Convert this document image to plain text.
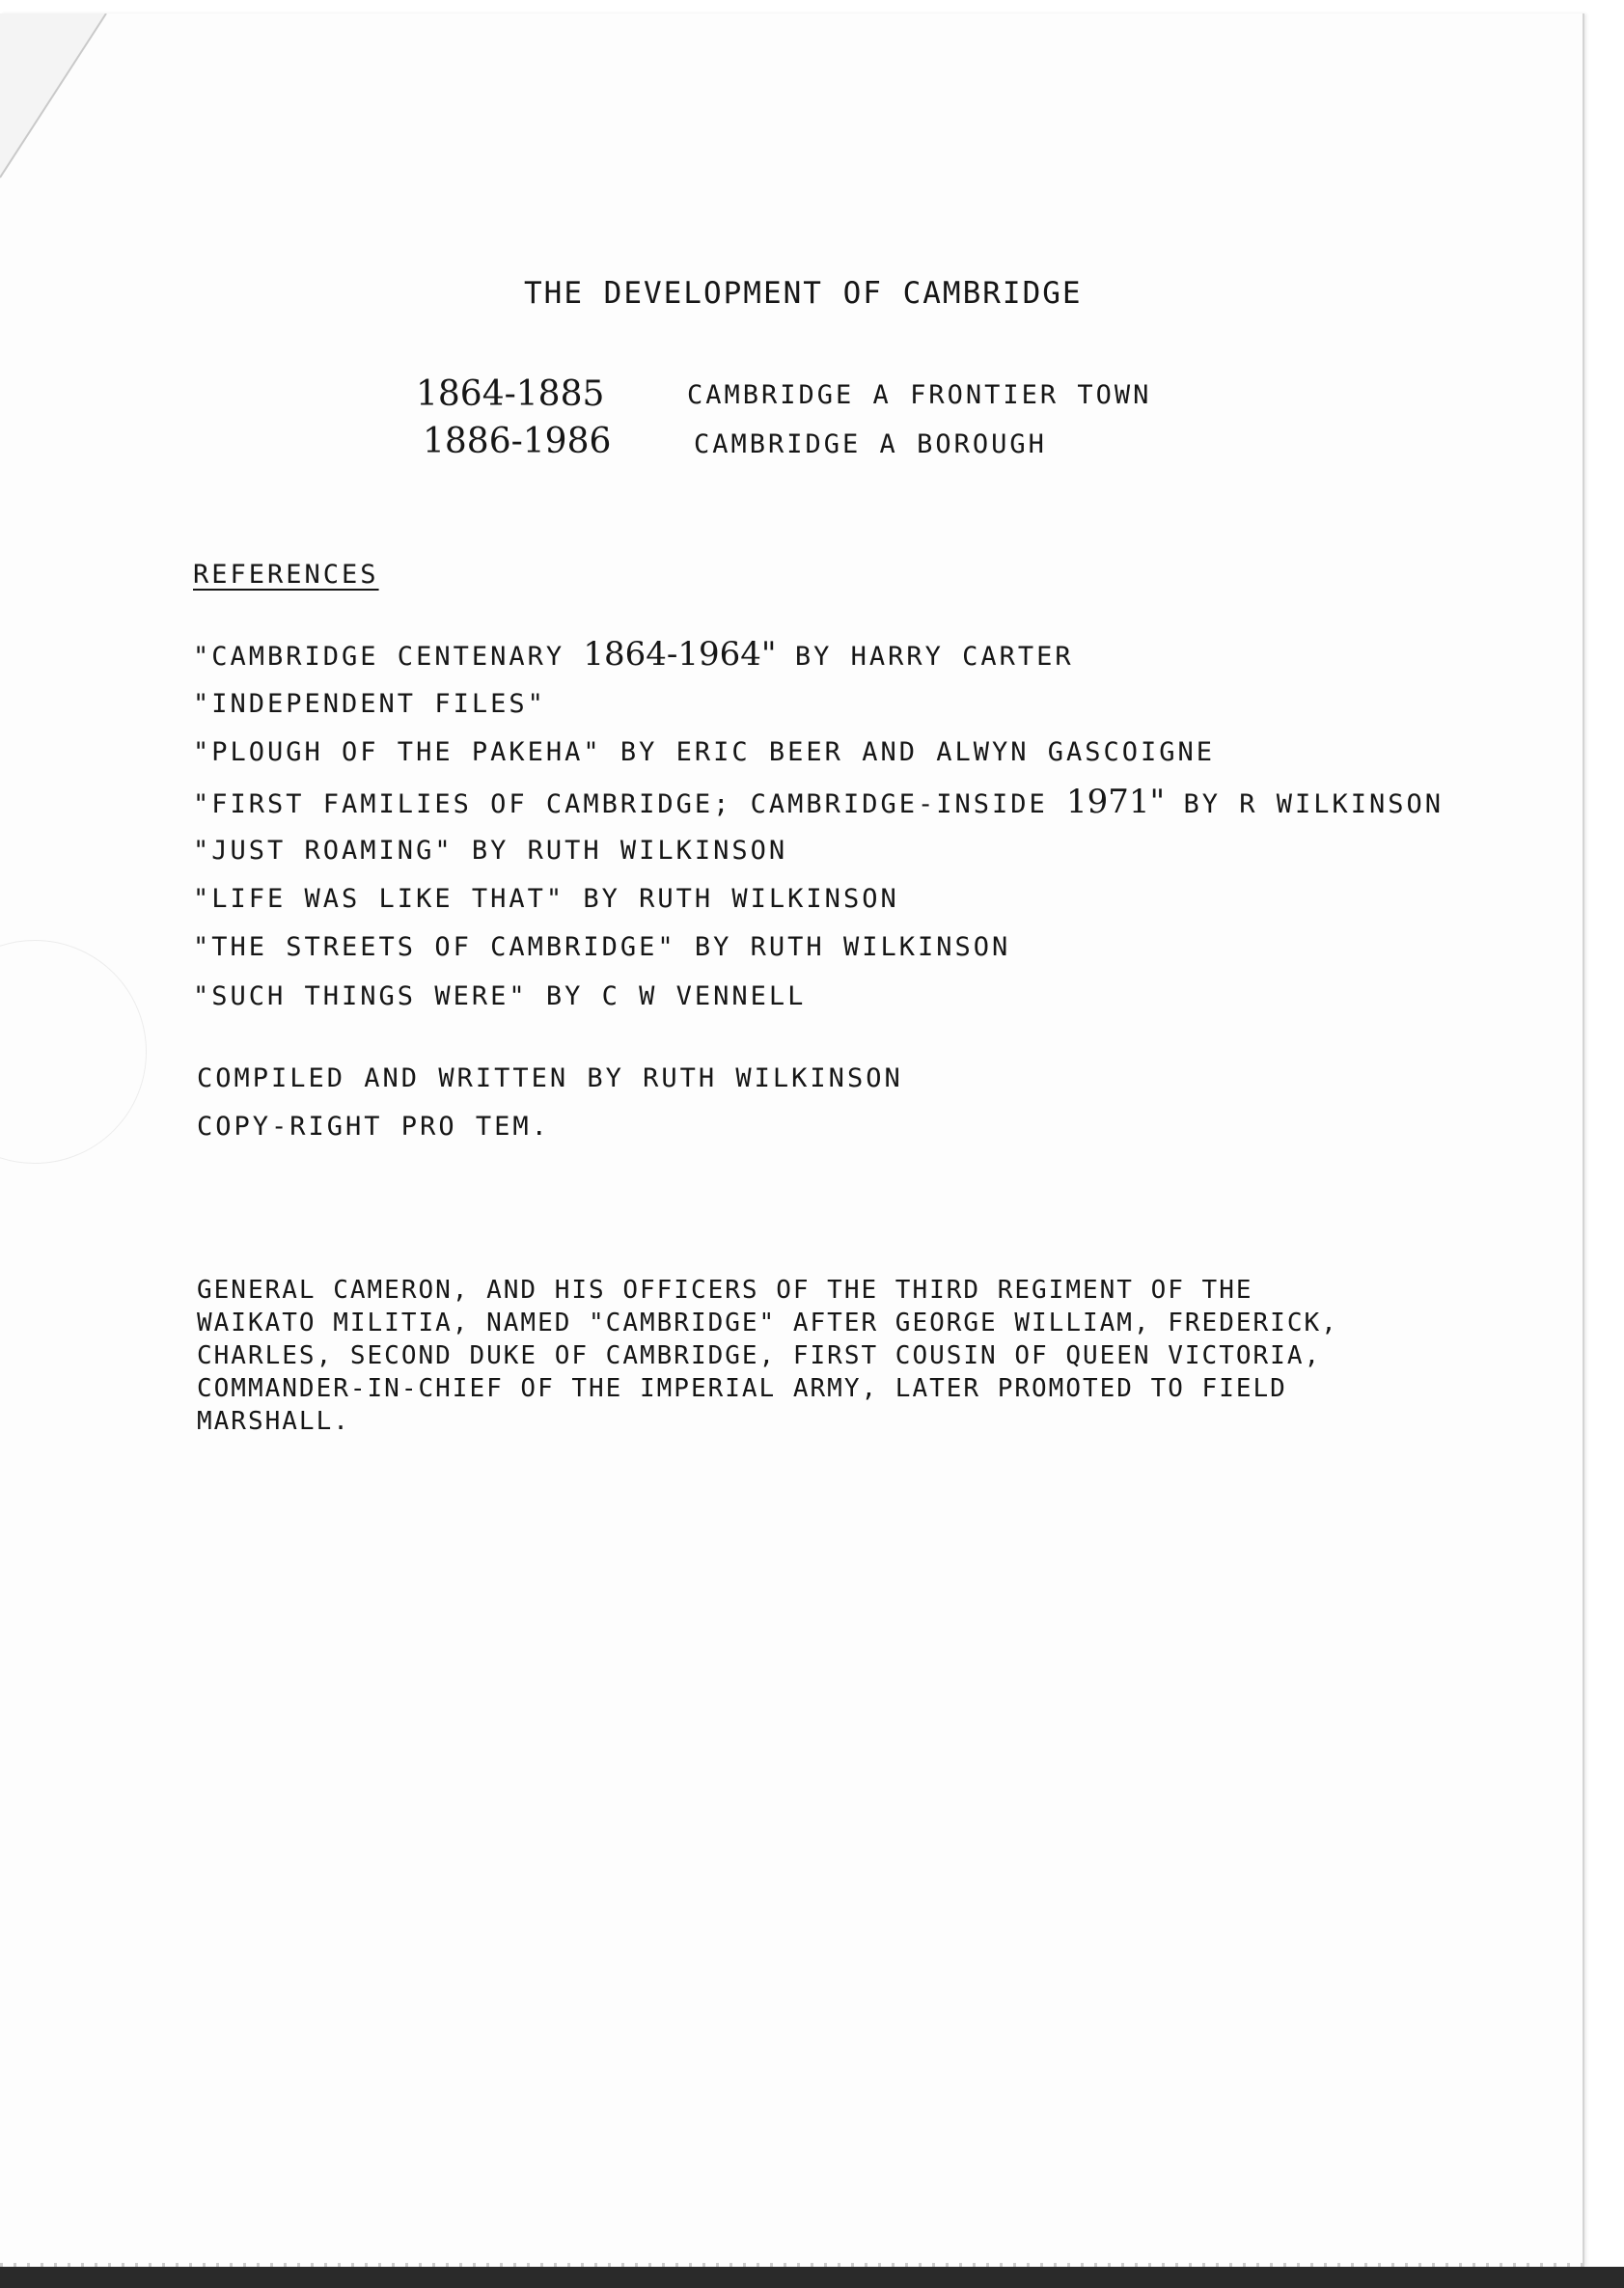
THE DEVELOPMENT OF CAMBRIDGE
1864-1885	CAMBRIDGE A FRONTIER TOWN
1886-1986	CAMBRIDGE A BOROUGH
REFERENCES
"CAMBRIDGE CENTENARY 1864-1964" BY HARRY CARTER
"INDEPENDENT FILES"
"PLOUGH OF THE PAKEHA" BY ERIC BEER AND ALWYN GASCOIGNE
"FIRST FAMILIES OF CAMBRIDGE; CAMBRIDGE-INSIDE 1971" BY R WILKINSON
"JUST ROAMING" BY RUTH WILKINSON
"LIFE WAS LIKE THAT" BY RUTH WILKINSON
"THE STREETS OF CAMBRIDGE" BY RUTH WILKINSON
"SUCH THINGS WERE" BY C W VENNELL
COMPILED AND WRITTEN BY RUTH WILKINSON
COPY-RIGHT PRO TEM.
GENERAL CAMERON, AND HIS OFFICERS OF THE THIRD REGIMENT OF THE
WAIKATO MILITIA, NAMED "CAMBRIDGE" AFTER GEORGE WILLIAM, FREDERICK,
CHARLES, SECOND DUKE OF CAMBRIDGE, FIRST COUSIN OF QUEEN VICTORIA,
COMMANDER-IN-CHIEF OF THE IMPERIAL ARMY, LATER PROMOTED TO FIELD
MARSHALL.
